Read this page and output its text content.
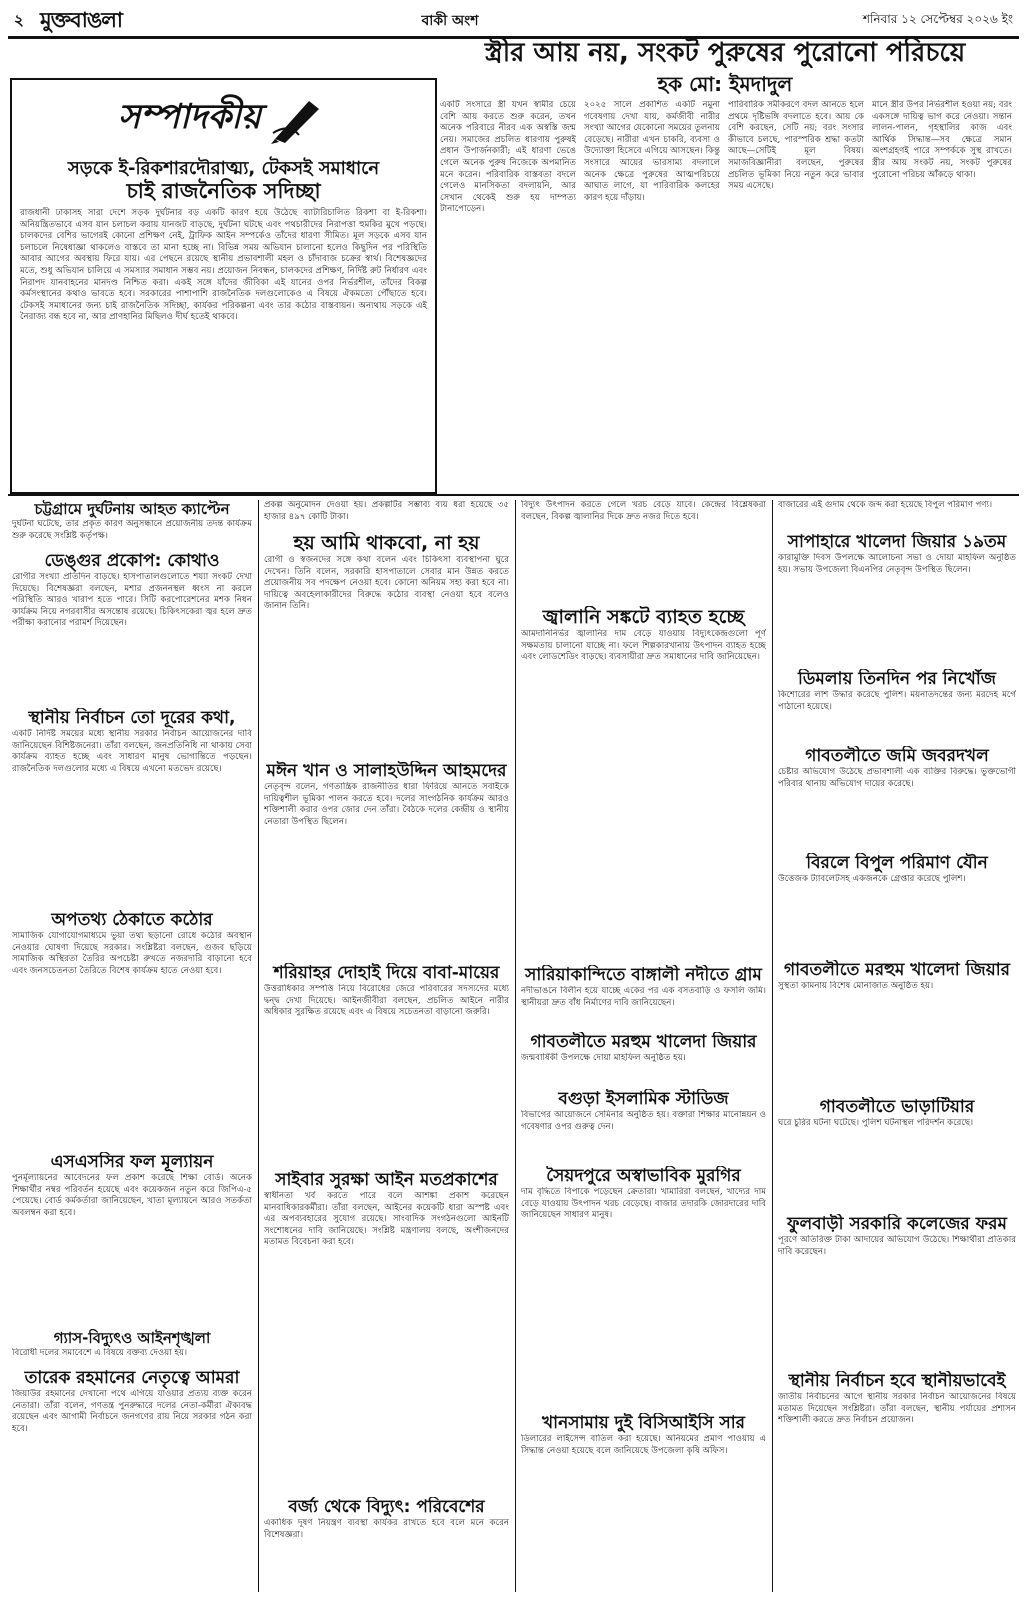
২ মুক্তবাঙলা	বাকী অংশ	শনিবার ১২ সেপ্টেম্বর ২০২৬ ইং
স্ত্রীর আয় নয়, সংকট পুরুষের পুরোনো পরিচয়ে
হক মো: ইমদাদুল
একটি সংসারে স্ত্রী যখন স্বামীর চেয়ে বেশি আয় করতে শুরু করেন, তখন অনেক পরিবারে নীরব এক অস্বস্তি জন্ম নেয়। সমাজের প্রচলিত ধারণায় পুরুষই প্রধান উপার্জনকারী; এই ধারণা ভেঙে গেলে অনেক পুরুষ নিজেকে অপমানিত মনে করেন। পরিবারিক বাস্তবতা বদলে গেলেও মানসিকতা বদলায়নি, আর সেখান থেকেই শুরু হয় দাম্পত্য টানাপোড়েন।
২০২৫ সালে প্রকাশিত একটি নমুনা গবেষণায় দেখা যায়, কর্মজীবী নারীর সংখ্যা আগের যেকোনো সময়ের তুলনায় বেড়েছে। নারীরা এখন চাকরি, ব্যবসা ও উদ্যোক্তা হিসেবে এগিয়ে আসছেন। কিন্তু সংসারে আয়ের ভারসাম্য বদলালে অনেক ক্ষেত্রে পুরুষের আত্মপরিচয়ে আঘাত লাগে, যা পারিবারিক কলহের কারণ হয়ে দাঁড়ায়।
পারিবারিক সমীকরণে বদল আনতে হলে প্রথমে দৃষ্টিভঙ্গি বদলাতে হবে। আয় কে বেশি করছেন, সেটি নয়; বরং সংসার কীভাবে চলছে, পারস্পরিক শ্রদ্ধা কতটা আছে—সেটিই মূল বিষয়। সমাজবিজ্ঞানীরা বলছেন, পুরুষের প্রচলিত ভূমিকা নিয়ে নতুন করে ভাবার সময় এসেছে।
মানে স্ত্রীর উপর নির্ভরশীল হওয়া নয়; বরং একসঙ্গে দায়িত্ব ভাগ করে নেওয়া। সন্তান লালন-পালন, গৃহস্থালির কাজ এবং আর্থিক সিদ্ধান্ত—সব ক্ষেত্রে সমান অংশগ্রহণই পারে সম্পর্ককে সুস্থ রাখতে। স্ত্রীর আয় সংকট নয়, সংকট পুরুষের পুরোনো পরিচয় আঁকড়ে থাকা।
সম্পাদকীয়
সড়কে ই-রিকশারদৌরাত্ম্য, টেকসই সমাধানে
চাই রাজনৈতিক সদিচ্ছা
রাজধানী ঢাকাসহ সারা দেশে সড়ক দুর্ঘটনার বড় একটি কারণ হয়ে উঠেছে ব্যাটারিচালিত রিকশা বা ই-রিকশা। অনিয়ন্ত্রিতভাবে এসব যান চলাচল করায় যানজট বাড়ছে, দুর্ঘটনা ঘটছে এবং পথচারীদের নিরাপত্তা হুমকির মুখে পড়ছে। চালকদের বেশির ভাগেরই কোনো প্রশিক্ষণ নেই, ট্রাফিক আইন সম্পর্কেও তাঁদের ধারণা সীমিত। মূল সড়কে এসব যান চলাচলে নিষেধাজ্ঞা থাকলেও বাস্তবে তা মানা হচ্ছে না। বিভিন্ন সময় অভিযান চালানো হলেও কিছুদিন পর পরিস্থিতি আবার আগের অবস্থায় ফিরে যায়। এর পেছনে রয়েছে স্থানীয় প্রভাবশালী মহল ও চাঁদাবাজ চক্রের স্বার্থ। বিশেষজ্ঞদের মতে, শুধু অভিযান চালিয়ে এ সমস্যার সমাধান সম্ভব নয়। প্রয়োজন নিবন্ধন, চালকদের প্রশিক্ষণ, নির্দিষ্ট রুট নির্ধারণ এবং নিরাপদ যানবাহনের মানদণ্ড নিশ্চিত করা। একই সঙ্গে যাঁদের জীবিকা এই যানের ওপর নির্ভরশীল, তাঁদের বিকল্প কর্মসংস্থানের কথাও ভাবতে হবে। সরকারের পাশাপাশি রাজনৈতিক দলগুলোকেও এ বিষয়ে ঐকমত্যে পৌঁছাতে হবে। টেকসই সমাধানের জন্য চাই রাজনৈতিক সদিচ্ছা, কার্যকর পরিকল্পনা এবং তার কঠোর বাস্তবায়ন। অন্যথায় সড়কে এই নৈরাজ্য বন্ধ হবে না, আর প্রাণহানির মিছিলও দীর্ঘ হতেই থাকবে।
চট্টগ্রামে দুর্ঘটনায় আহত ক্যাপ্টেন
দুর্ঘটনা ঘটেছে, তার প্রকৃত কারণ অনুসন্ধানে প্রয়োজনীয় তদন্ত কার্যক্রম শুরু করেছে সংশ্লিষ্ট কর্তৃপক্ষ।
ডেঙ্গুর প্রকোপ: কোথাও
রোগীর সংখ্যা প্রতিদিন বাড়ছে। হাসপাতালগুলোতে শয্যা সংকট দেখা দিয়েছে। বিশেষজ্ঞরা বলছেন, মশার প্রজননস্থল ধ্বংস না করলে পরিস্থিতি আরও খারাপ হতে পারে। সিটি করপোরেশনের মশক নিধন কার্যক্রম নিয়ে নগরবাসীর অসন্তোষ রয়েছে। চিকিৎসকেরা জ্বর হলে দ্রুত পরীক্ষা করানোর পরামর্শ দিয়েছেন।
স্থানীয় নির্বাচন তো দূরের কথা,
একটি নির্দিষ্ট সময়ের মধ্যে স্থানীয় সরকার নির্বাচন আয়োজনের দাবি জানিয়েছেন বিশিষ্টজনেরা। তাঁরা বলছেন, জনপ্রতিনিধি না থাকায় সেবা কার্যক্রম ব্যাহত হচ্ছে এবং সাধারণ মানুষ ভোগান্তিতে পড়ছেন। রাজনৈতিক দলগুলোর মধ্যে এ বিষয়ে এখনো মতভেদ রয়েছে।
অপতথ্য ঠেকাতে কঠোর
সামাজিক যোগাযোগমাধ্যমে ভুয়া তথ্য ছড়ানো রোধে কঠোর অবস্থান নেওয়ার ঘোষণা দিয়েছে সরকার। সংশ্লিষ্টরা বলছেন, গুজব ছড়িয়ে সামাজিক অস্থিরতা তৈরির অপচেষ্টা রুখতে নজরদারি বাড়ানো হবে এবং জনসচেতনতা তৈরিতে বিশেষ কার্যক্রম হাতে নেওয়া হবে।
এসএসসির ফল মূল্যায়ন
পুনর্মূল্যায়নের আবেদনের ফল প্রকাশ করেছে শিক্ষা বোর্ড। অনেক শিক্ষার্থীর নম্বর পরিবর্তন হয়েছে এবং কয়েকজন নতুন করে জিপিএ-৫ পেয়েছে। বোর্ড কর্মকর্তারা জানিয়েছেন, খাতা মূল্যায়নে আরও সতর্কতা অবলম্বন করা হবে।
গ্যাস-বিদ্যুৎও আইনশৃঙ্খলা
বিরোধী দলের সমাবেশে এ বিষয়ে বক্তব্য দেওয়া হয়।
তারেক রহমানের নেতৃত্বে আমরা
জিয়াউর রহমানের দেখানো পথে এগিয়ে যাওয়ার প্রত্যয় ব্যক্ত করেন নেতারা। তাঁরা বলেন, গণতন্ত্র পুনরুদ্ধারে দলের নেতা-কর্মীরা ঐক্যবদ্ধ রয়েছেন এবং আগামী নির্বাচনে জনগণের রায় নিয়ে সরকার গঠন করা হবে।
প্রকল্প অনুমোদন দেওয়া হয়। প্রকল্পটির সম্ভাব্য ব্যয় ধরা হয়েছে ৩৫ হাজার ৪৯৭ কোটি টাকা।
হয় আমি থাকবো, না হয়
রোগী ও স্বজনদের সঙ্গে কথা বলেন এবং চিকিৎসা ব্যবস্থাপনা ঘুরে দেখেন। তিনি বলেন, সরকারি হাসপাতালে সেবার মান উন্নত করতে প্রয়োজনীয় সব পদক্ষেপ নেওয়া হবে। কোনো অনিয়ম সহ্য করা হবে না। দায়িত্বে অবহেলাকারীদের বিরুদ্ধে কঠোর ব্যবস্থা নেওয়া হবে বলেও জানান তিনি।
মঈন খান ও সালাহউদ্দিন আহমদের
নেতৃবৃন্দ বলেন, গণতান্ত্রিক রাজনীতির ধারা ফিরিয়ে আনতে সবাইকে দায়িত্বশীল ভূমিকা পালন করতে হবে। দলের সাংগঠনিক কার্যক্রম আরও শক্তিশালী করার ওপর জোর দেন তাঁরা। বৈঠকে দলের কেন্দ্রীয় ও স্থানীয় নেতারা উপস্থিত ছিলেন।
শরিয়াহর দোহাই দিয়ে বাবা-মায়ের
উত্তরাধিকার সম্পত্তি নিয়ে বিরোধের জেরে পরিবারের সদস্যদের মধ্যে দ্বন্দ্ব দেখা দিয়েছে। আইনজীবীরা বলছেন, প্রচলিত আইনে নারীর অধিকার সুরক্ষিত রয়েছে এবং এ বিষয়ে সচেতনতা বাড়ানো জরুরি।
সাইবার সুরক্ষা আইন মতপ্রকাশের
স্বাধীনতা খর্ব করতে পারে বলে আশঙ্কা প্রকাশ করেছেন মানবাধিকারকর্মীরা। তাঁরা বলছেন, আইনের কয়েকটি ধারা অস্পষ্ট এবং এর অপব্যবহারের সুযোগ রয়েছে। সাংবাদিক সংগঠনগুলো আইনটি সংশোধনের দাবি জানিয়েছে। সংশ্লিষ্ট মন্ত্রণালয় বলছে, অংশীজনদের মতামত বিবেচনা করা হবে।
বর্জ্য থেকে বিদ্যুৎ: পরিবেশের
একাধিক দূষণ নিয়ন্ত্রণ ব্যবস্থা কার্যকর রাখতে হবে বলে মনে করেন বিশেষজ্ঞরা।
বিদ্যুৎ উৎপাদন করতে গেলে খরচ বেড়ে যাবে। কেন্দ্রের বিশ্লেষকরা বলছেন, বিকল্প জ্বালানির দিকে দ্রুত নজর দিতে হবে।
জ্বালানি সঙ্কটে ব্যাহত হচ্ছে
আমদানিনির্ভর জ্বালানির দাম বেড়ে যাওয়ায় বিদ্যুৎকেন্দ্রগুলো পূর্ণ সক্ষমতায় চালানো যাচ্ছে না। ফলে শিল্পকারখানায় উৎপাদন ব্যাহত হচ্ছে এবং লোডশেডিং বাড়ছে। ব্যবসায়ীরা দ্রুত সমাধানের দাবি জানিয়েছেন।
সারিয়াকান্দিতে বাঙ্গালী নদীতে গ্রাম
নদীভাঙনে বিলীন হয়ে যাচ্ছে একের পর এক বসতবাড়ি ও ফসলি জমি। স্থানীয়রা দ্রুত বাঁধ নির্মাণের দাবি জানিয়েছেন।
গাবতলীতে মরহুম খালেদা জিয়ার
জন্মবার্ষিকী উপলক্ষে দোয়া মাহফিল অনুষ্ঠিত হয়।
বগুড়া ইসলামিক স্টাডিজ
বিভাগের আয়োজনে সেমিনার অনুষ্ঠিত হয়। বক্তারা শিক্ষার মানোন্নয়ন ও গবেষণার ওপর গুরুত্ব দেন।
সৈয়দপুরে অস্বাভাবিক মুরগির
দাম বৃদ্ধিতে বিপাকে পড়েছেন ক্রেতারা। খামারিরা বলছেন, খাদ্যের দাম বেড়ে যাওয়ায় উৎপাদন খরচ বেড়েছে। বাজার তদারকি জোরদারের দাবি জানিয়েছেন সাধারণ মানুষ।
খানসামায় দুই বিসিআইসি সার
ডিলারের লাইসেন্স বাতিল করা হয়েছে। অনিয়মের প্রমাণ পাওয়ায় এ সিদ্ধান্ত নেওয়া হয়েছে বলে জানিয়েছে উপজেলা কৃষি অফিস।
বাজারের এই গুদাম থেকে জব্দ করা হয়েছে বিপুল পরিমাণ পণ্য।
সাপাহারে খালেদা জিয়ার ১৯তম
কারামুক্তি দিবস উপলক্ষে আলোচনা সভা ও দোয়া মাহফিল অনুষ্ঠিত হয়। সভায় উপজেলা বিএনপির নেতৃবৃন্দ উপস্থিত ছিলেন।
ডিমলায় তিনদিন পর নিখোঁজ
কিশোরের লাশ উদ্ধার করেছে পুলিশ। ময়নাতদন্তের জন্য মরদেহ মর্গে পাঠানো হয়েছে।
গাবতলীতে জমি জবরদখল
চেষ্টার অভিযোগ উঠেছে প্রভাবশালী এক ব্যক্তির বিরুদ্ধে। ভুক্তভোগী পরিবার থানায় অভিযোগ দায়ের করেছে।
বিরলে বিপুল পরিমাণ যৌন
উত্তেজক ট্যাবলেটসহ একজনকে গ্রেপ্তার করেছে পুলিশ।
গাবতলীতে মরহুম খালেদা জিয়ার
সুস্থতা কামনায় বিশেষ মোনাজাত অনুষ্ঠিত হয়।
গাবতলীতে ভাড়াটিয়ার
ঘরে চুরির ঘটনা ঘটেছে। পুলিশ ঘটনাস্থল পরিদর্শন করেছে।
ফুলবাড়ী সরকারি কলেজের ফরম
পূরণে অতিরিক্ত টাকা আদায়ের অভিযোগ উঠেছে। শিক্ষার্থীরা প্রতিকার দাবি করেছেন।
স্থানীয় নির্বাচন হবে স্থানীয়ভাবেই
জাতীয় নির্বাচনের আগে স্থানীয় সরকার নির্বাচন আয়োজনের বিষয়ে মতামত দিয়েছেন সংশ্লিষ্টরা। তাঁরা বলছেন, স্থানীয় পর্যায়ের প্রশাসন শক্তিশালী করতে দ্রুত নির্বাচন প্রয়োজন।
